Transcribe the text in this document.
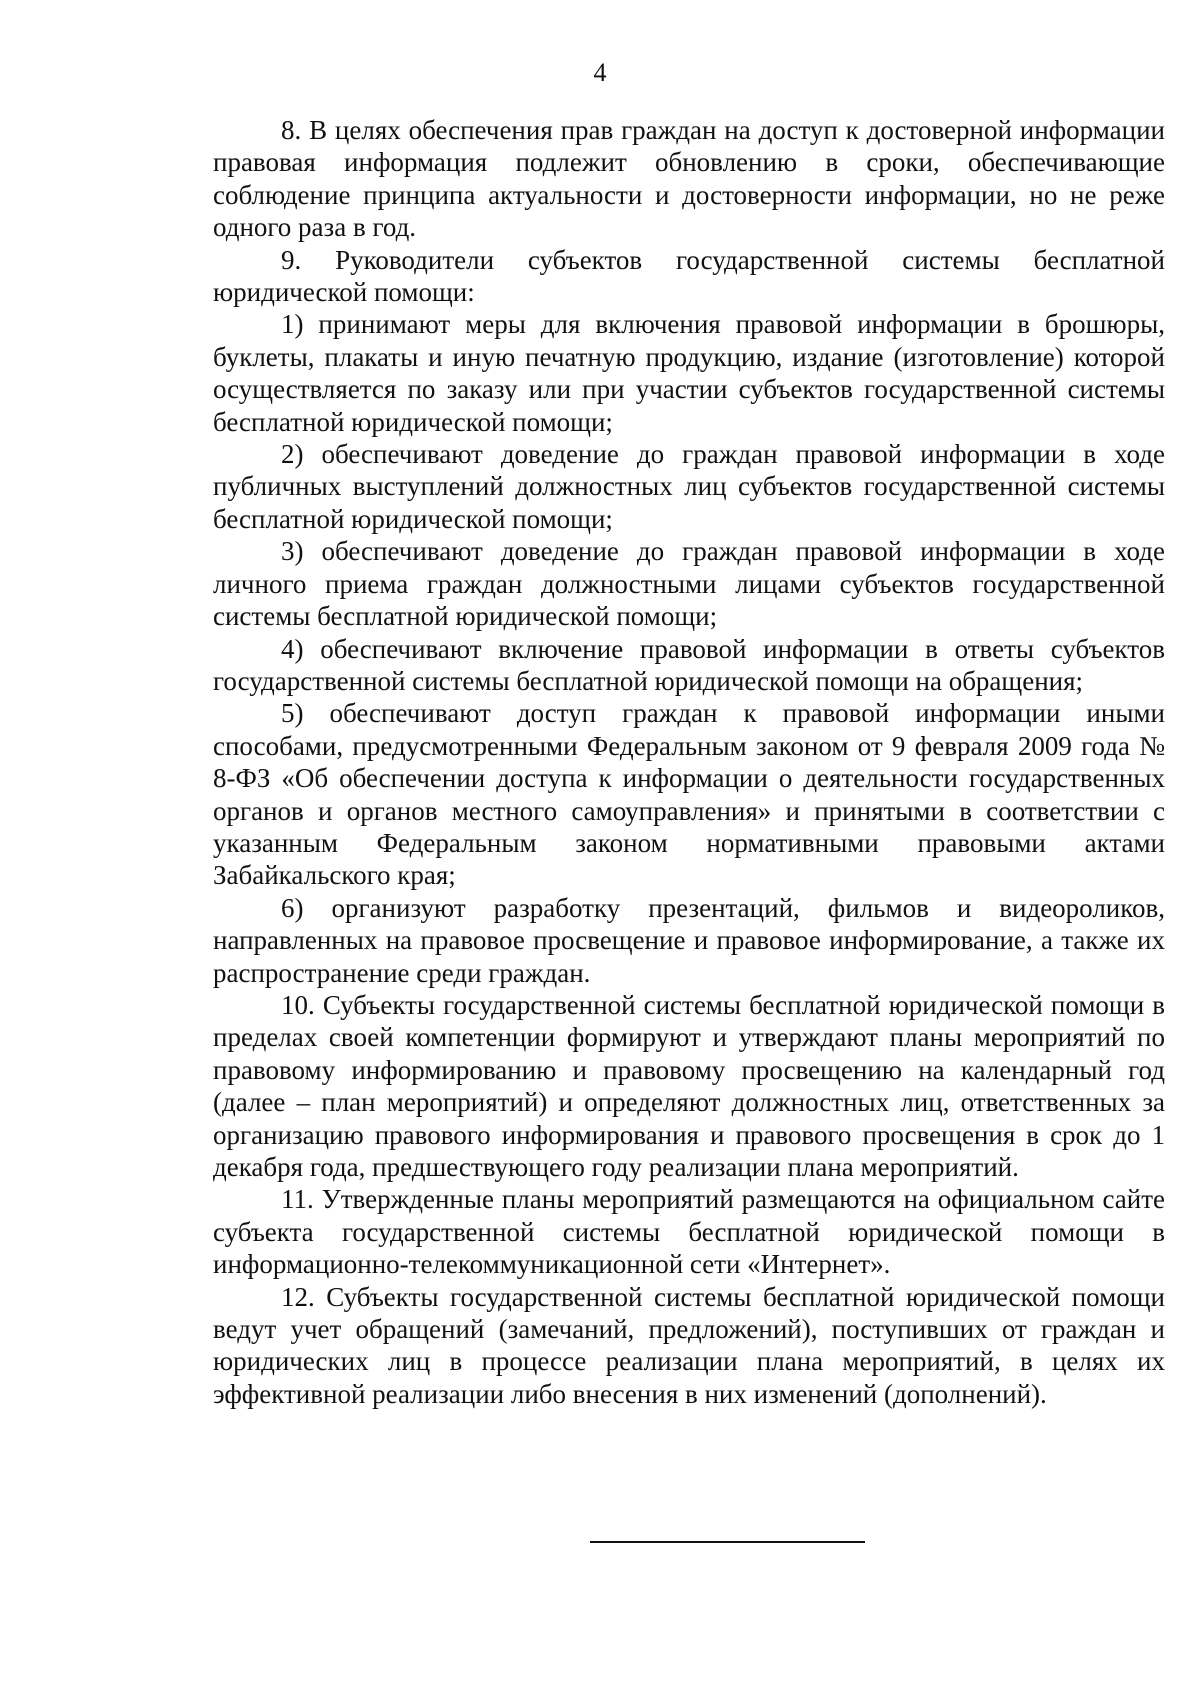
4

8. В целях обеспечения прав граждан на доступ к достоверной информации правовая информация подлежит обновлению в сроки, обеспечивающие соблюдение принципа актуальности и достоверности информации, но не реже одного раза в год.

9. Руководители субъектов государственной системы бесплатной юридической помощи:

1) принимают меры для включения правовой информации в брошюры, буклеты, плакаты и иную печатную продукцию, издание (изготовление) которой осуществляется по заказу или при участии субъектов государственной системы бесплатной юридической помощи;

2) обеспечивают доведение до граждан правовой информации в ходе публичных выступлений должностных лиц субъектов государственной системы бесплатной юридической помощи;

3) обеспечивают доведение до граждан правовой информации в ходе личного приема граждан должностными лицами субъектов государственной системы бесплатной юридической помощи;

4) обеспечивают включение правовой информации в ответы субъектов государственной системы бесплатной юридической помощи на обращения;

5) обеспечивают доступ граждан к правовой информации иными способами, предусмотренными Федеральным законом от 9 февраля 2009 года № 8-ФЗ «Об обеспечении доступа к информации о деятельности государственных органов и органов местного самоуправления» и принятыми в соответствии с указанным Федеральным законом нормативными правовыми актами Забайкальского края;

6) организуют разработку презентаций, фильмов и видеороликов, направленных на правовое просвещение и правовое информирование, а также их распространение среди граждан.

10. Субъекты государственной системы бесплатной юридической помощи в пределах своей компетенции формируют и утверждают планы мероприятий по правовому информированию и правовому просвещению на календарный год (далее – план мероприятий) и определяют должностных лиц, ответственных за организацию правового информирования и правового просвещения в срок до 1 декабря года, предшествующего году реализации плана мероприятий.

11. Утвержденные планы мероприятий размещаются на официальном сайте субъекта государственной системы бесплатной юридической помощи в информационно-телекоммуникационной сети «Интернет».

12. Субъекты государственной системы бесплатной юридической помощи ведут учет обращений (замечаний, предложений), поступивших от граждан и юридических лиц в процессе реализации плана мероприятий, в целях их эффективной реализации либо внесения в них изменений (дополнений).
